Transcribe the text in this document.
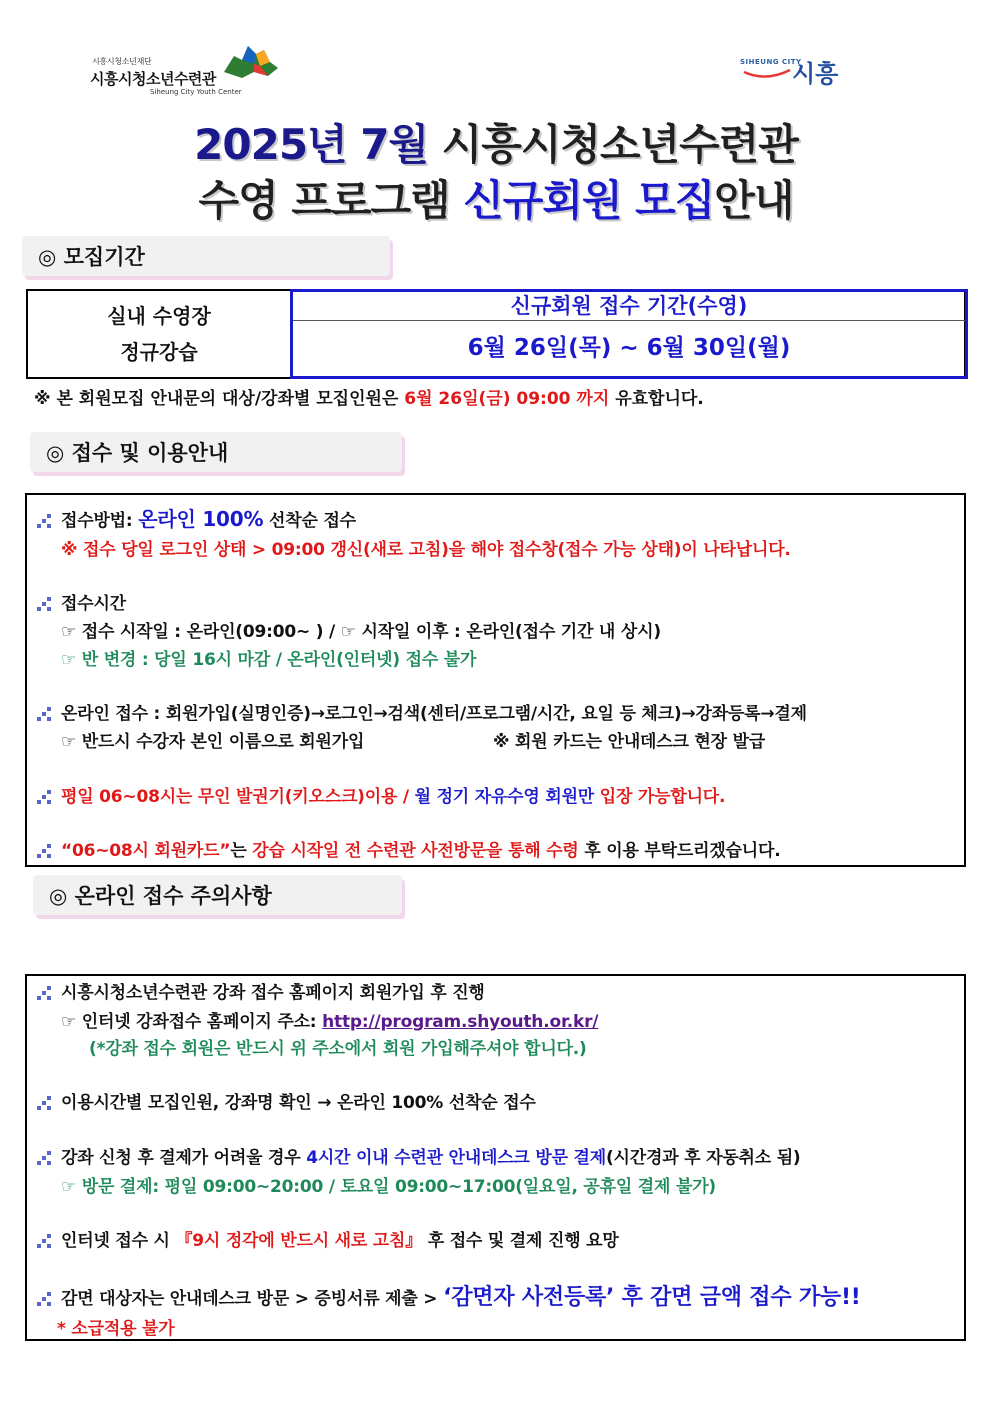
시흥시청소년재단
시흥시청소년수련관
Siheung City Youth Center
SIHEUNG CITY
시흥
2025년 7월 시흥시청소년수련관
수영 프로그램 신규회원 모집안내
◎ 모집기간
실내 수영장
정규강습
신규회원 접수 기간(수영)
6월 26일(목) ~ 6월 30일(월)
※ 본 회원모집 안내문의 대상/강좌별 모집인원은 6월 26일(금) 09:00 까지 유효합니다.
◎ 접수 및 이용안내
접수방법: 온라인 100% 선착순 접수
※ 접수 당일 로그인 상태 > 09:00 갱신(새로 고침)을 해야 접수창(접수 가능 상태)이 나타납니다.
접수시간
☞ 접수 시작일 : 온라인(09:00~ ) / ☞ 시작일 이후 : 온라인(접수 기간 내 상시)
☞ 반 변경 : 당일 16시 마감 / 온라인(인터넷) 접수 불가
온라인 접수 : 회원가입(실명인증)→로그인→검색(센터/프로그램/시간, 요일 등 체크)→강좌등록→결제
☞ 반드시 수강자 본인 이름으로 회원가입	※ 회원 카드는 안내데스크 현장 발급
평일 06~08시는 무인 발권기(키오스크)이용 / 월 정기 자유수영 회원만 입장 가능합니다.
“06~08시 회원카드”는 강습 시작일 전 수련관 사전방문을 통해 수령 후 이용 부탁드리겠습니다.
◎ 온라인 접수 주의사항
시흥시청소년수련관 강좌 접수 홈페이지 회원가입 후 진행
☞ 인터넷 강좌접수 홈페이지 주소: http://program.shyouth.or.kr/
(*강좌 접수 회원은 반드시 위 주소에서 회원 가입해주셔야 합니다.)
이용시간별 모집인원, 강좌명 확인 → 온라인 100% 선착순 접수
강좌 신청 후 결제가 어려울 경우 4시간 이내 수련관 안내데스크 방문 결제(시간경과 후 자동취소 됨)
☞ 방문 결제: 평일 09:00~20:00 / 토요일 09:00~17:00(일요일, 공휴일 결제 불가)
인터넷 접수 시 『9시 정각에 반드시 새로 고침』 후 접수 및 결제 진행 요망
감면 대상자는 안내데스크 방문 > 증빙서류 제출 > ‘감면자 사전등록’ 후 감면 금액 접수 가능!!
* 소급적용 불가
